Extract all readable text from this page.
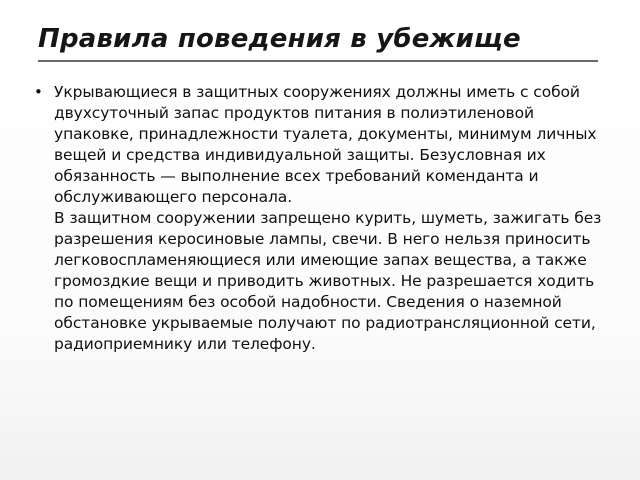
Правила поведения в убежище
• Укрывающиеся в защитных сооружениях должны иметь с собой двухсуточный запас продуктов питания в полиэтиленовой упаковке, принадлежности туалета, документы, минимум личных вещей и средства индивидуальной защиты. Безусловная их обязанность — выполнение всех требований коменданта и обслуживающего персонала.

В защитном сооружении запрещено курить, шуметь, зажигать без разрешения керосиновые лампы, свечи. В него нельзя приносить легковоспламеняющиеся или имеющие запах вещества, а также громоздкие вещи и приводить животных. Не разрешается ходить по помещениям без особой надобности. Сведения о наземной обстановке укрываемые получают по радиотрансляционной сети, радиоприемнику или телефону.
